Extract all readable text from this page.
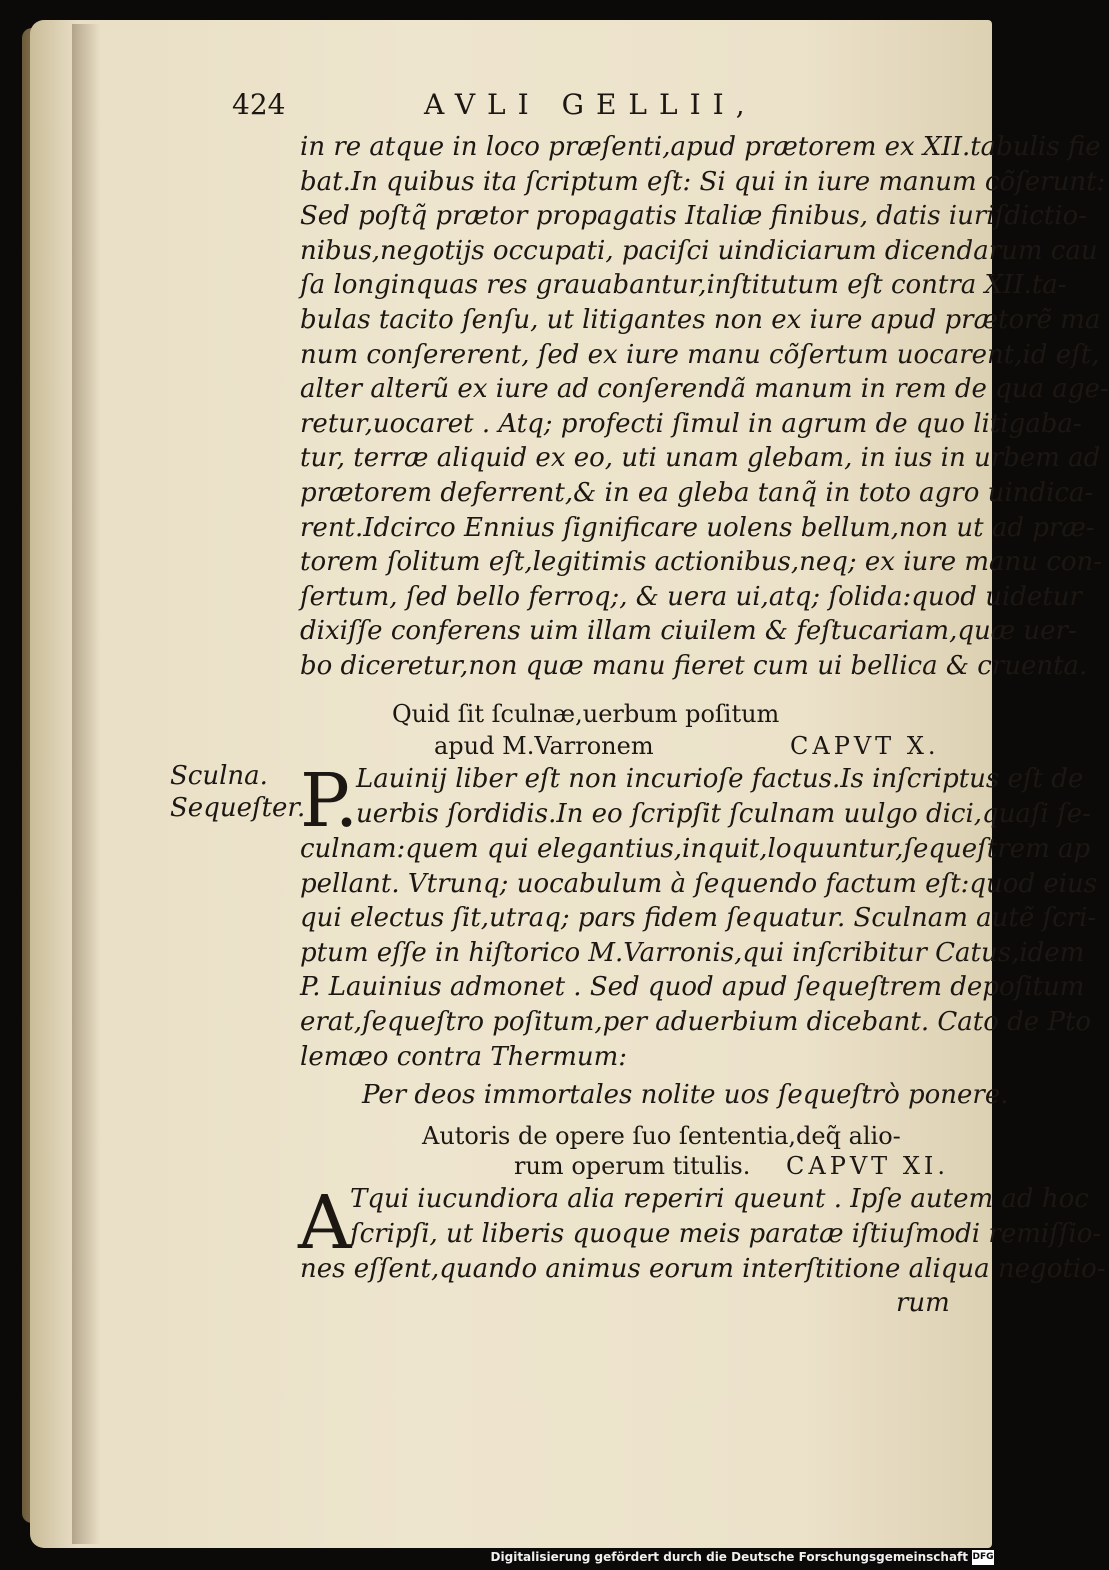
424	AVLI GELLII,
in re atque in loco præſenti,apud prætorem ex XII.tabulis fie
bat.In quibus ita ſcriptum eſt: Si qui in iure manum cõſerunt:
Sed poſtq̃ prætor propagatis Italiæ finibus, datis iuriſdictio-
nibus,negotijs occupati, paciſci uindiciarum dicendarum cau
ſa longinquas res grauabantur,inſtitutum eſt contra XII.ta-
bulas tacito ſenſu, ut litigantes non ex iure apud prætorẽ ma
num conſererent, ſed ex iure manu cõſertum uocarent,id eſt,
alter alterũ ex iure ad conſerendã manum in rem de qua age-
retur,uocaret . Atq; profecti ſimul in agrum de quo litigaba-
tur, terræ aliquid ex eo, uti unam glebam, in ius in urbem ad
prætorem deferrent,& in ea gleba tanq̃ in toto agro uindica-
rent.Idcirco Ennius ſignificare uolens bellum,non ut ad præ-
torem ſolitum eſt,legitimis actionibus,neq; ex iure manu con-
ſertum, ſed bello ferroq;, & uera ui,atq; ſolida:quod uidetur
dixiſſe conferens uim illam ciuilem & feſtucariam,quæ uer-
bo diceretur,non quæ manu fieret cum ui bellica & cruenta.
Quid ſit ſculnæ,uerbum poſitum
apud M.Varronem	CAPVT X.
Sculna.
Sequeſter.
P.
Lauinij liber eſt non incurioſe factus.Is inſcriptus eſt de
uerbis ſordidis.In eo ſcripſit ſculnam uulgo dici,quaſi ſe-
culnam:quem qui elegantius,inquit,loquuntur,ſequeſtrem ap
pellant. Vtrunq; uocabulum à ſequendo factum eſt:quod eius
qui electus ſit,utraq; pars fidem ſequatur. Sculnam autẽ ſcri-
ptum eſſe in hiſtorico M.Varronis,qui inſcribitur Catus,idem
P. Lauinius admonet . Sed quod apud ſequeſtrem depoſitum
erat,ſequeſtro poſitum,per aduerbium dicebant. Cato de Pto
lemæo contra Thermum:
Per deos immortales nolite uos ſequeſtrò ponere.
Autoris de opere ſuo ſententia,deq̃ alio-
rum operum titulis. CAPVT XI.
A
Tqui iucundiora alia reperiri queunt . Ipſe autem ad hoc
ſcripſi, ut liberis quoque meis paratæ iſtiuſmodi remiſſio-
nes eſſent,quando animus eorum interſtitione aliqua negotio-
rum
Digitalisierung gefördert durch die Deutsche Forschungsgemeinschaft DFG
